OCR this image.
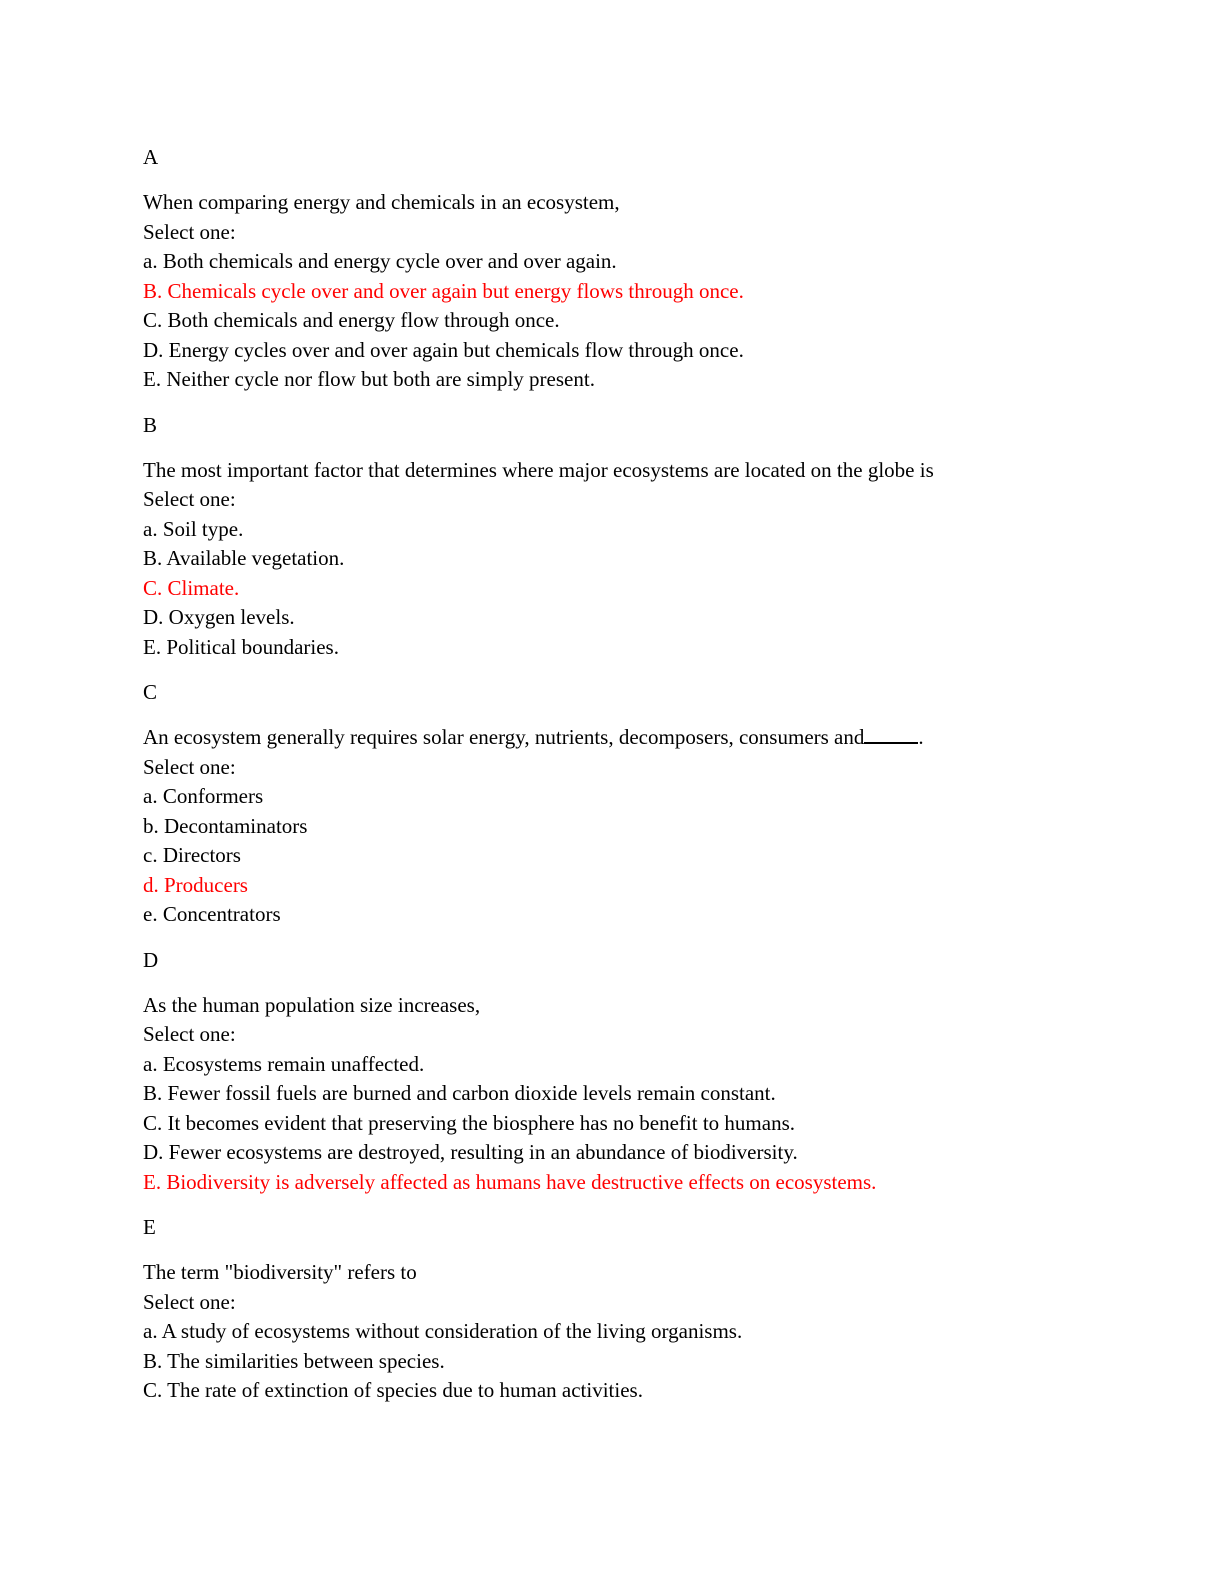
A
When comparing energy and chemicals in an ecosystem,
Select one:
a. Both chemicals and energy cycle over and over again.
B. Chemicals cycle over and over again but energy flows through once.
C. Both chemicals and energy flow through once.
D. Energy cycles over and over again but chemicals flow through once.
E. Neither cycle nor flow but both are simply present.
B
The most important factor that determines where major ecosystems are located on the globe is
Select one:
a. Soil type.
B. Available vegetation.
C. Climate.
D. Oxygen levels.
E. Political boundaries.
C
An ecosystem generally requires solar energy, nutrients, decomposers, consumers and	.
Select one:
a. Conformers
b. Decontaminators
c. Directors
d. Producers
e. Concentrators
D
As the human population size increases,
Select one:
a. Ecosystems remain unaffected.
B. Fewer fossil fuels are burned and carbon dioxide levels remain constant.
C. It becomes evident that preserving the biosphere has no benefit to humans.
D. Fewer ecosystems are destroyed, resulting in an abundance of biodiversity.
E. Biodiversity is adversely affected as humans have destructive effects on ecosystems.
E
The term "biodiversity" refers to
Select one:
a. A study of ecosystems without consideration of the living organisms.
B. The similarities between species.
C. The rate of extinction of species due to human activities.
